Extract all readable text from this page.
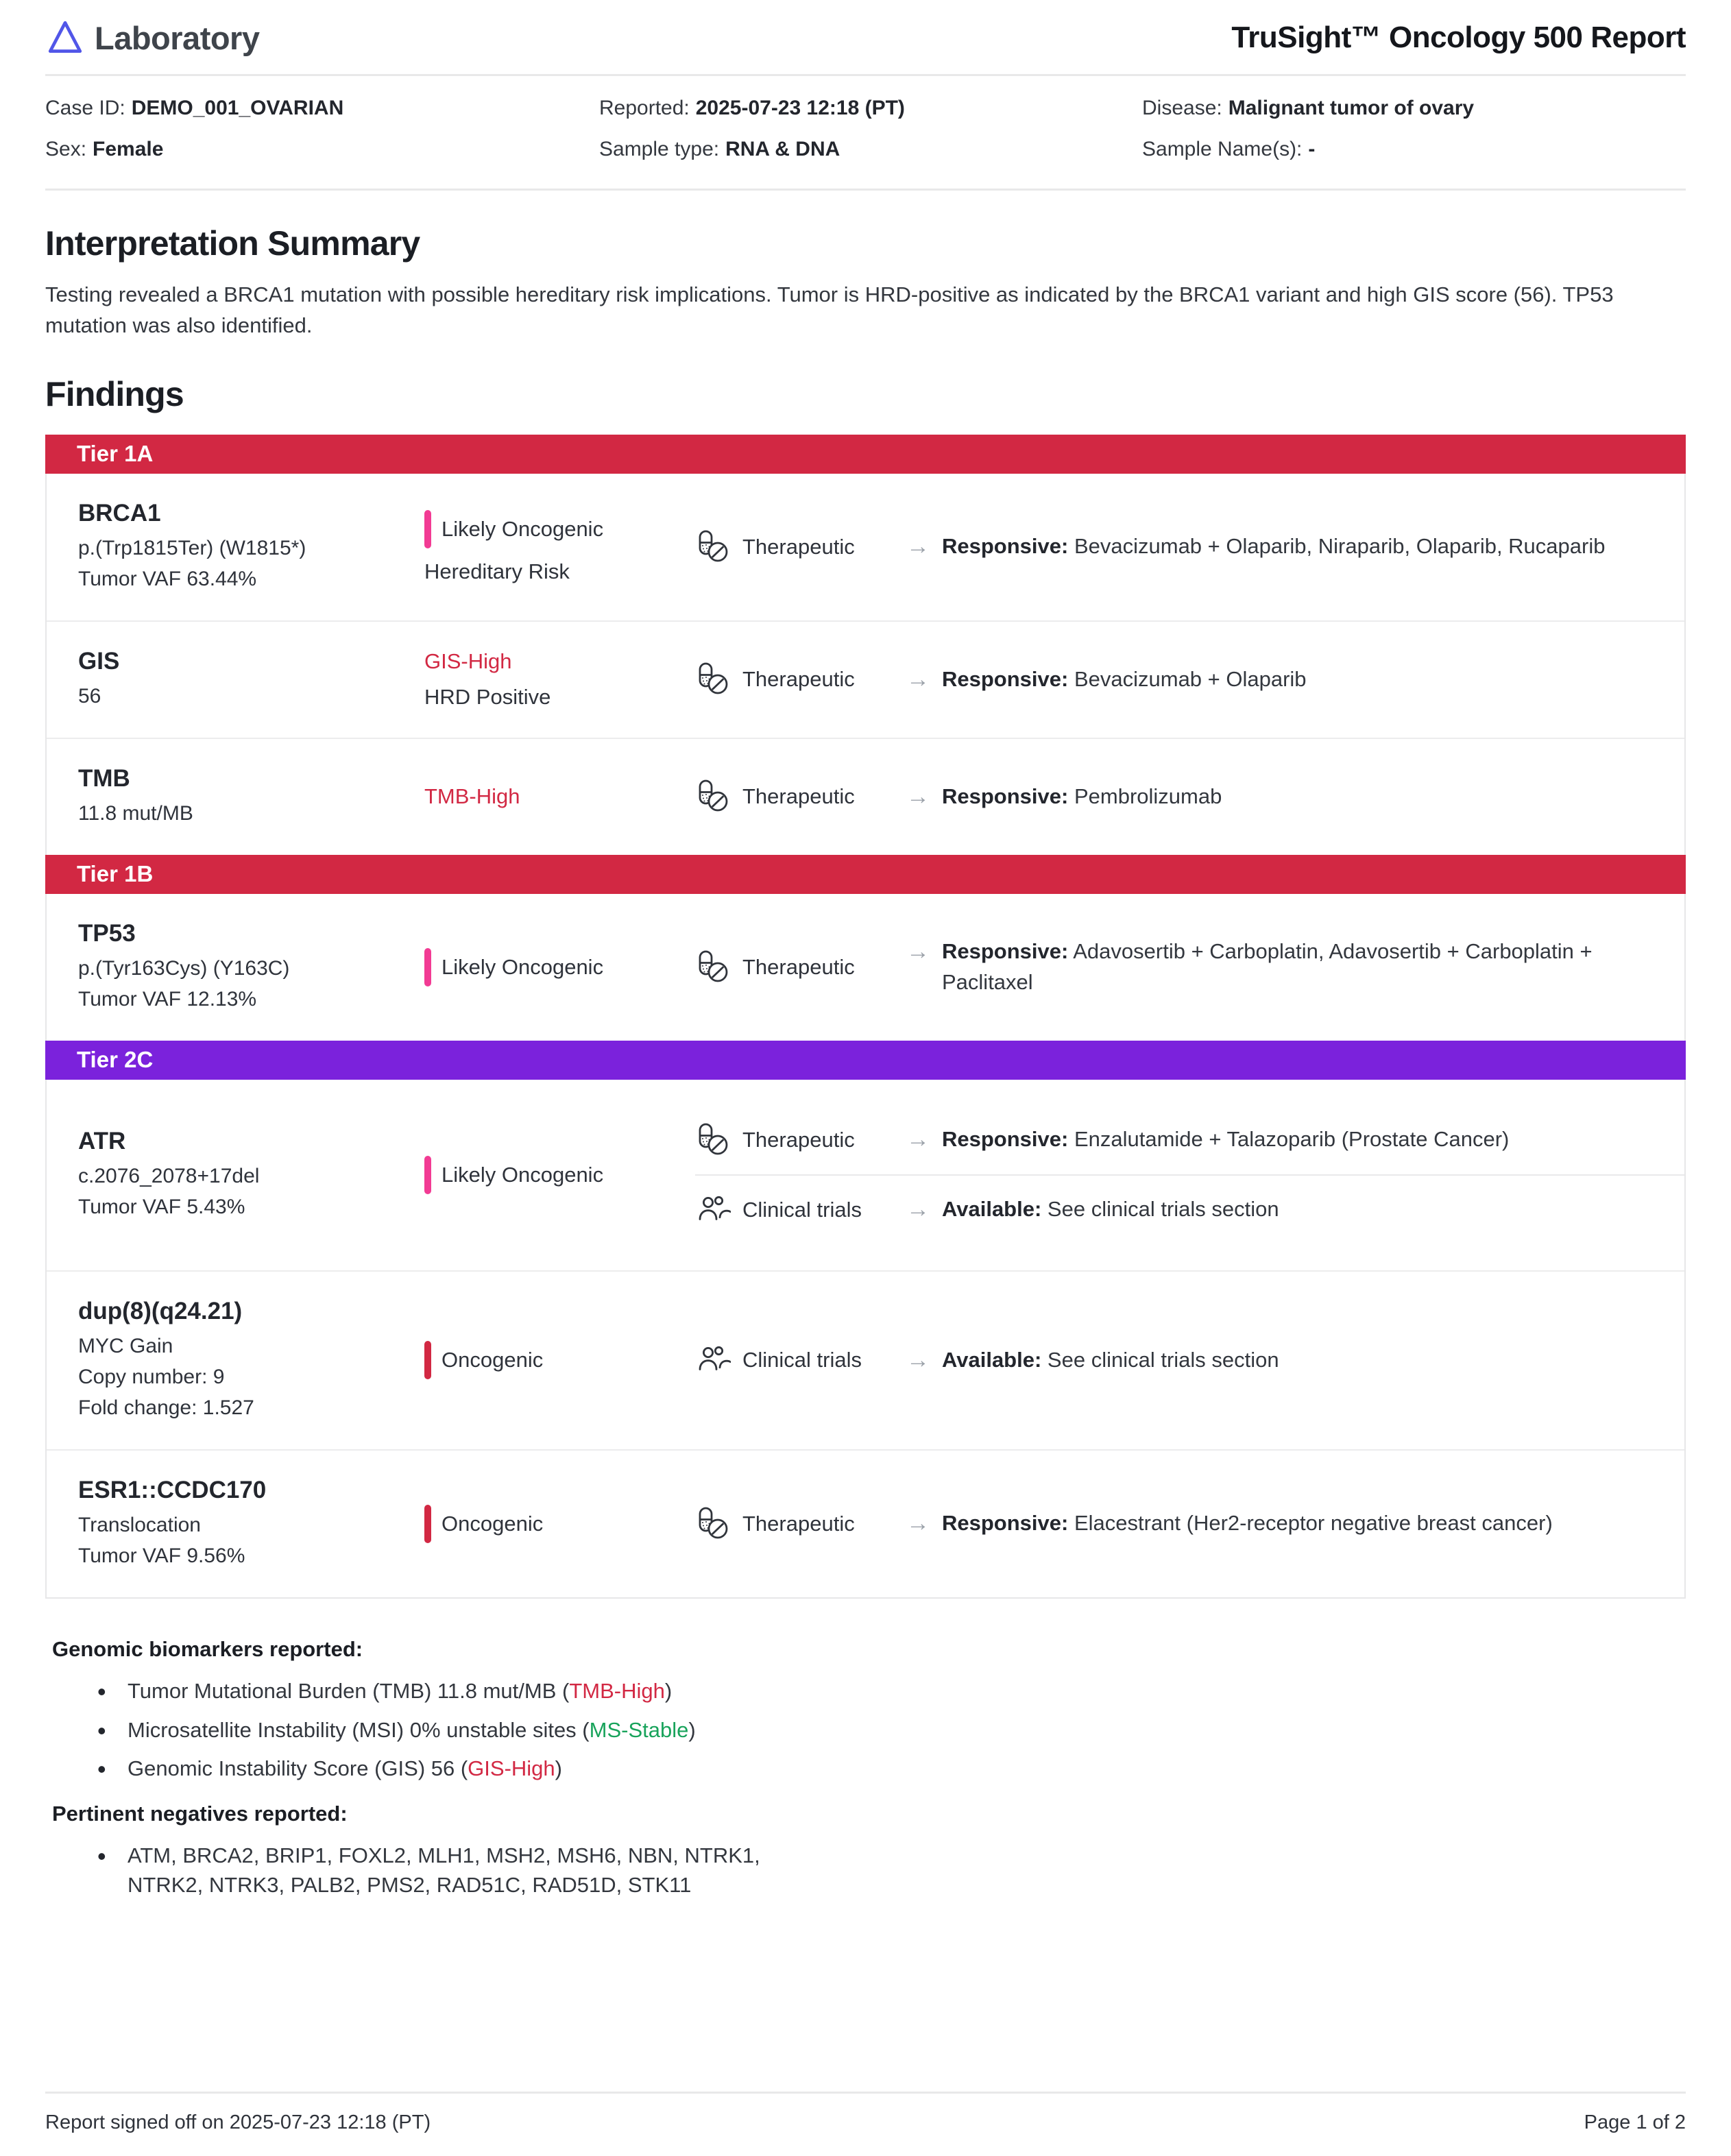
Laboratory	TruSight™ Oncology 500 Report
Case ID: DEMO_001_OVARIAN	Reported: 2025-07-23 12:18 (PT)	Disease: Malignant tumor of ovary
Sex: Female	Sample type: RNA & DNA	Sample Name(s): -
Interpretation Summary

Testing revealed a BRCA1 mutation with possible hereditary risk implications. Tumor is HRD-positive as indicated by the BRCA1 variant and high GIS score (56). TP53 mutation was also identified.

Findings
Tier 1A
BRCA1
p.(Trp1815Ter) (W1815*)
Tumor VAF 63.44%
Likely Oncogenic
Hereditary Risk
Therapeutic → Responsive: Bevacizumab + Olaparib, Niraparib, Olaparib, Rucaparib

GIS
56
GIS-High
HRD Positive
Therapeutic → Responsive: Bevacizumab + Olaparib

TMB
11.8 mut/MB
TMB-High	Therapeutic → Responsive: Pembrolizumab

Tier 1B
TP53
p.(Tyr163Cys) (Y163C)
Tumor VAF 12.13%
Likely Oncogenic	Therapeutic
→ Responsive: Adavosertib + Carboplatin, Adavosertib + Carboplatin + Paclitaxel

Tier 2C
ATR
c.2076_2078+17del
Tumor VAF 5.43%
Likely Oncogenic
Therapeutic → Responsive: Enzalutamide + Talazoparib (Prostate Cancer)

Clinical trials → Available: See clinical trials section

dup(8)(q24.21)
MYC Gain
Copy number: 9
Fold change: 1.527
Oncogenic	Clinical trials → Available: See clinical trials section

ESR1::CCDC170
Translocation
Tumor VAF 9.56%
Oncogenic	Therapeutic → Responsive: Elacestrant (Her2-receptor negative breast cancer)

Genomic biomarkers reported:
• Tumor Mutational Burden (TMB) 11.8 mut/MB (TMB-High)
• Microsatellite Instability (MSI) 0% unstable sites (MS-Stable)
• Genomic Instability Score (GIS) 56 (GIS-High)
Pertinent negatives reported:
• ATM, BRCA2, BRIP1, FOXL2, MLH1, MSH2, MSH6, NBN, NTRK1, NTRK2, NTRK3, PALB2, PMS2, RAD51C, RAD51D, STK11
Report signed off on 2025-07-23 12:18 (PT)	Page 1 of 2
